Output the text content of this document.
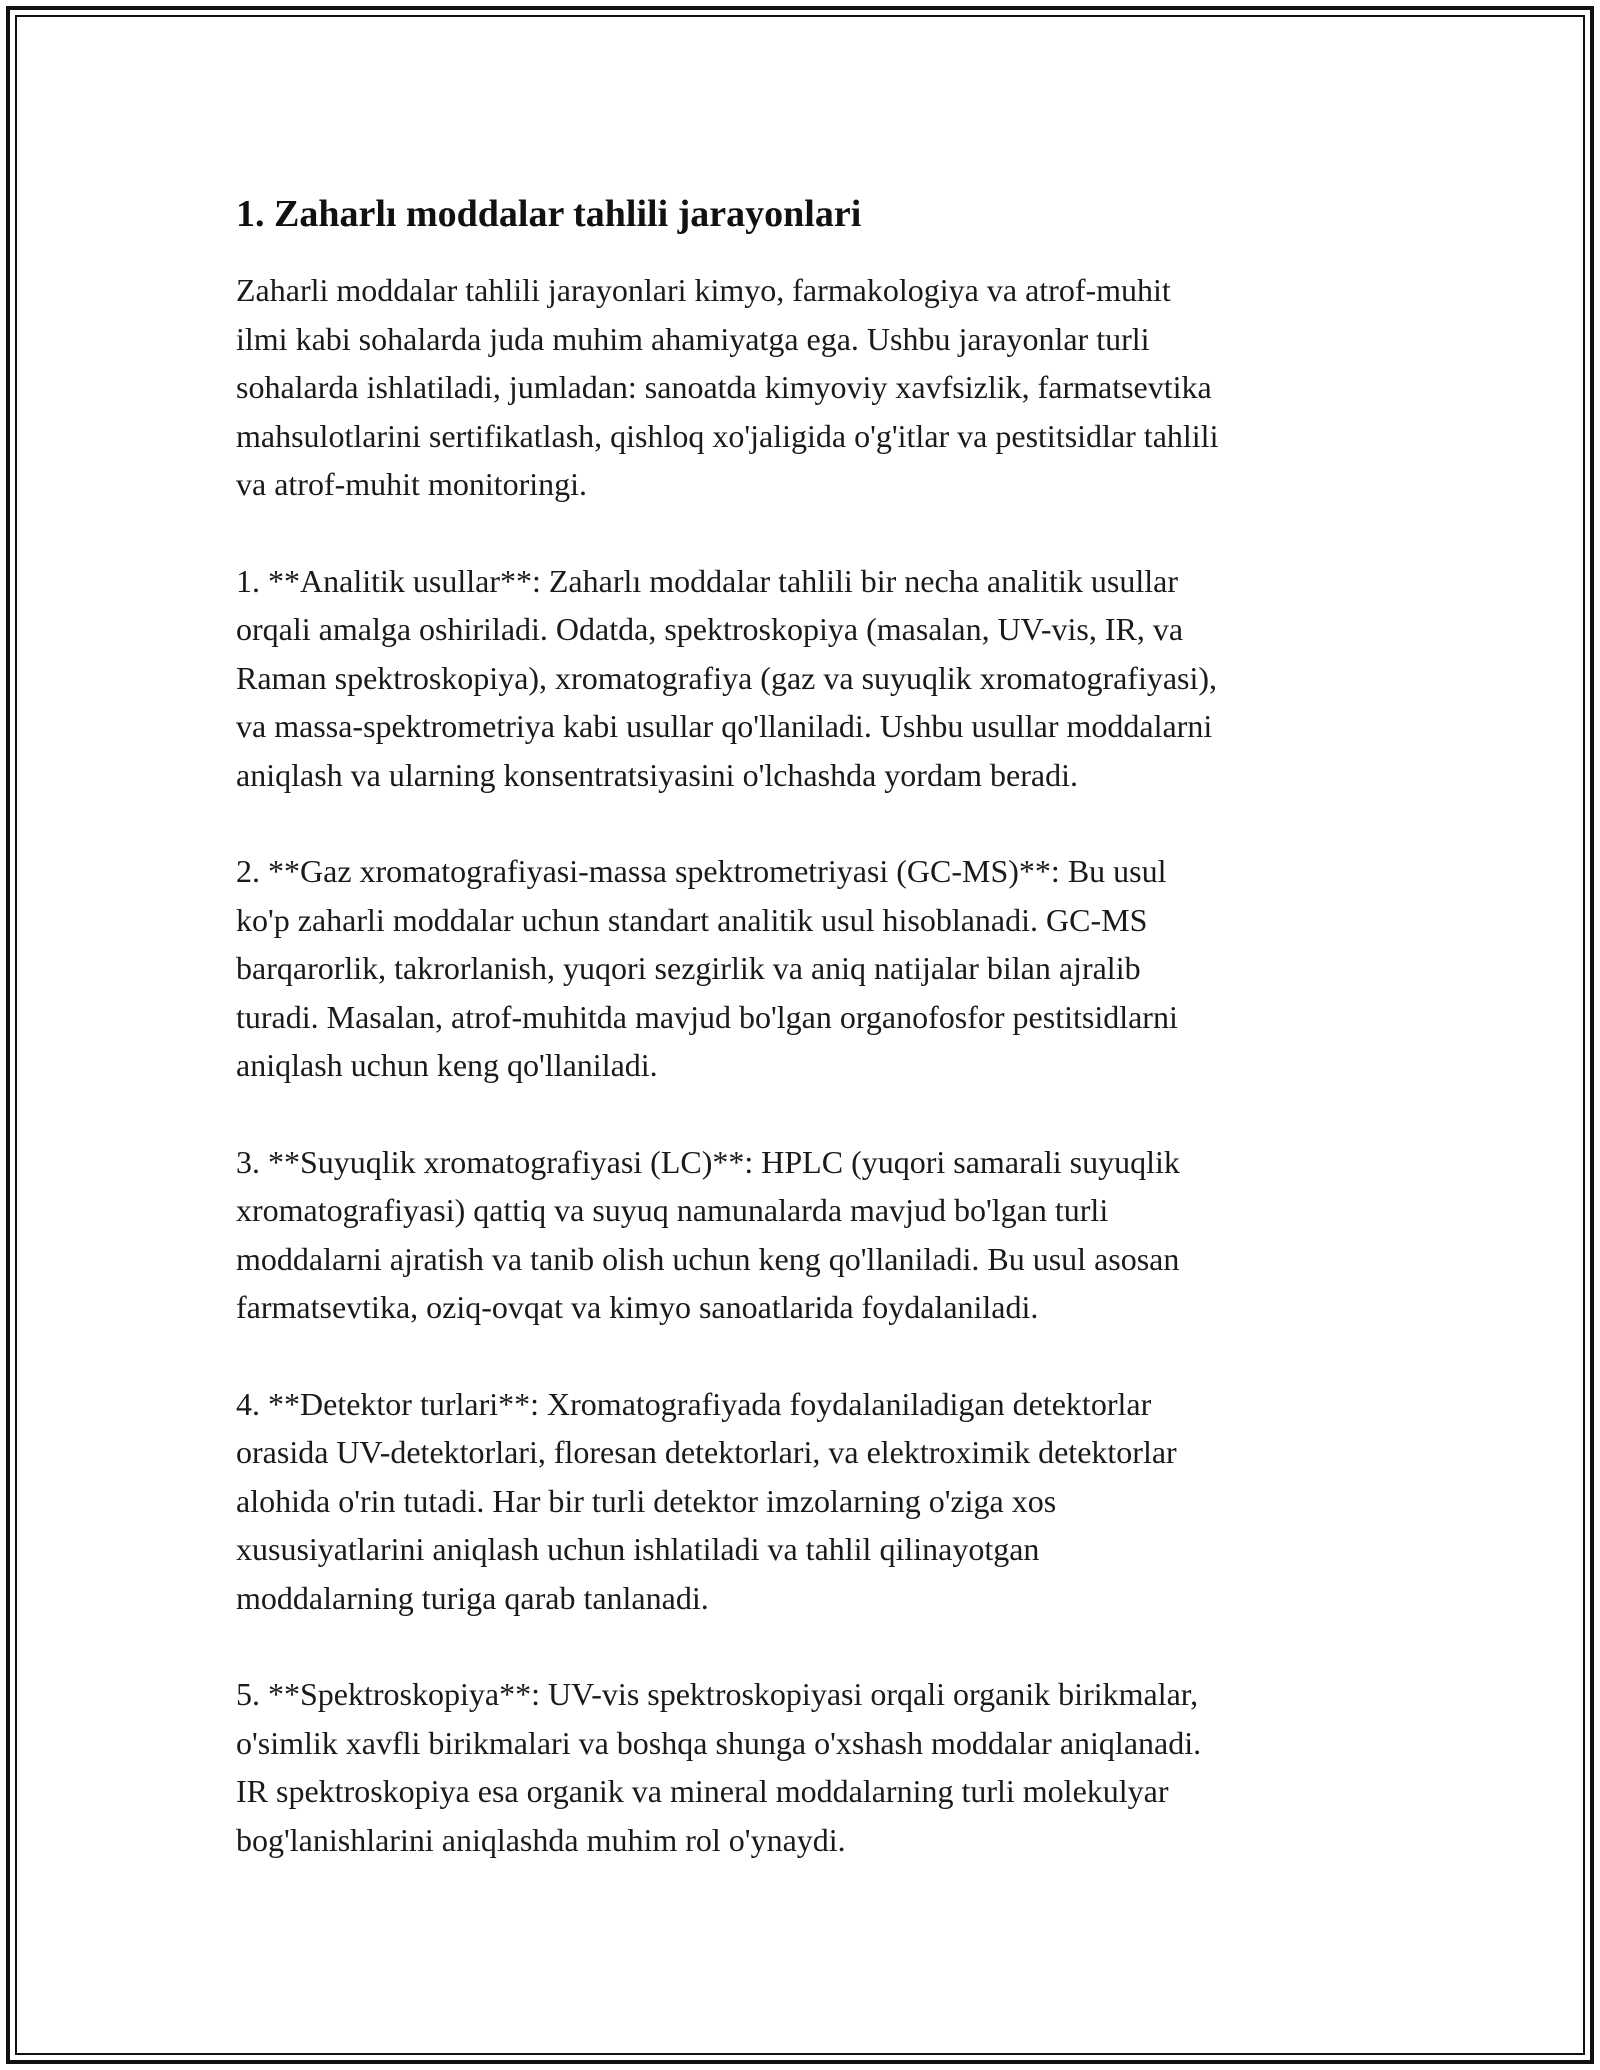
1. Zaharlı moddalar tahlili jarayonlari

Zaharli moddalar tahlili jarayonlari kimyo, farmakologiya va atrof-muhit
ilmi kabi sohalarda juda muhim ahamiyatga ega. Ushbu jarayonlar turli
sohalarda ishlatiladi, jumladan: sanoatda kimyoviy xavfsizlik, farmatsevtika
mahsulotlarini sertifikatlash, qishloq xo'jaligida o'g'itlar va pestitsidlar tahlili
va atrof-muhit monitoringi.

1. **Analitik usullar**: Zaharlı moddalar tahlili bir necha analitik usullar
orqali amalga oshiriladi. Odatda, spektroskopiya (masalan, UV-vis, IR, va
Raman spektroskopiya), xromatografiya (gaz va suyuqlik xromatografiyasi),
va massa-spektrometriya kabi usullar qo'llaniladi. Ushbu usullar moddalarni
aniqlash va ularning konsentratsiyasini o'lchashda yordam beradi.

2. **Gaz xromatografiyasi-massa spektrometriyasi (GC-MS)**: Bu usul
ko'p zaharli moddalar uchun standart analitik usul hisoblanadi. GC-MS
barqarorlik, takrorlanish, yuqori sezgirlik va aniq natijalar bilan ajralib
turadi. Masalan, atrof-muhitda mavjud bo'lgan organofosfor pestitsidlarni
aniqlash uchun keng qo'llaniladi.

3. **Suyuqlik xromatografiyasi (LC)**: HPLC (yuqori samarali suyuqlik
xromatografiyasi) qattiq va suyuq namunalarda mavjud bo'lgan turli
moddalarni ajratish va tanib olish uchun keng qo'llaniladi. Bu usul asosan
farmatsevtika, oziq-ovqat va kimyo sanoatlarida foydalaniladi.

4. **Detektor turlari**: Xromatografiyada foydalaniladigan detektorlar
orasida UV-detektorlari, floresan detektorlari, va elektroximik detektorlar
alohida o'rin tutadi. Har bir turli detektor imzolarning o'ziga xos
xususiyatlarini aniqlash uchun ishlatiladi va tahlil qilinayotgan
moddalarning turiga qarab tanlanadi.

5. **Spektroskopiya**: UV-vis spektroskopiyasi orqali organik birikmalar,
o'simlik xavfli birikmalari va boshqa shunga o'xshash moddalar aniqlanadi.
IR spektroskopiya esa organik va mineral moddalarning turli molekulyar
bog'lanishlarini aniqlashda muhim rol o'ynaydi.
